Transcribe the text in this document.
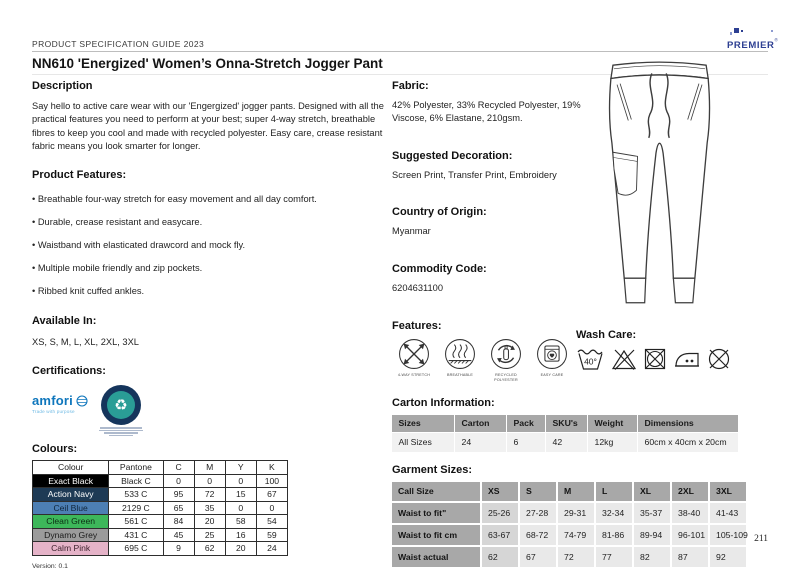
PRODUCT SPECIFICATION GUIDE 2023	PREMIER®
NN610 'Energized' Women’s Onna-Stretch Jogger Pant
Description

Say hello to active care wear with our 'Engergized' jogger pants. Designed with all the practical features you need to perform at your best; super 4-way stretch, breathable fibres to keep you cool and made with recycled polyester. Easy care, crease resistant fabric means you look smarter for longer.

Product Features:
• Breathable four-way stretch for easy movement and all day comfort.
• Durable, crease resistant and easycare.
• Waistband with elasticated drawcord and mock fly.
• Multiple mobile friendly and zip pockets.
• Ribbed knit cuffed ankles.
Available In:

XS, S, M, L, XL, 2XL, 3XL

Certifications:
amfori
Trade with purpose	♻
Colours:
Colour	Pantone	C	M	Y	K
Exact Black	Black C	0	0	0	100
Action Navy	533 C	95	72	15	67
Ceil Blue	2129 C	65	35	0	0
Clean Green	561 C	84	20	58	54
Dynamo Grey	431 C	45	25	16	59
Calm Pink	695 C	9	62	20	24
Version: 0.1
Fabric:

42% Polyester, 33% Recycled Polyester, 19% Viscose, 6% Elastane, 210gsm.

Suggested Decoration:

Screen Print, Transfer Print, Embroidery

Country of Origin:

Myanmar

Commodity Code:

6204631100

Features:
4-WAY STRETCH	BREATHABLE	RECYCLED POLYESTER
EASY CARE
Wash Care:
40°
Carton Information:
Sizes	Carton	Pack	SKU's	Weight	Dimensions
All Sizes	24	6	42	12kg	60cm x 40cm x 20cm
Garment Sizes:
Call Size	XS	S	M	L	XL	2XL	3XL
Waist to fit"	25-26	27-28	29-31	32-34	35-37	38-40	41-43
Waist to fit cm	63-67	68-72	74-79	81-86	89-94	96-101	105-109
Waist actual	62	67	72	77	82	87	92
211
